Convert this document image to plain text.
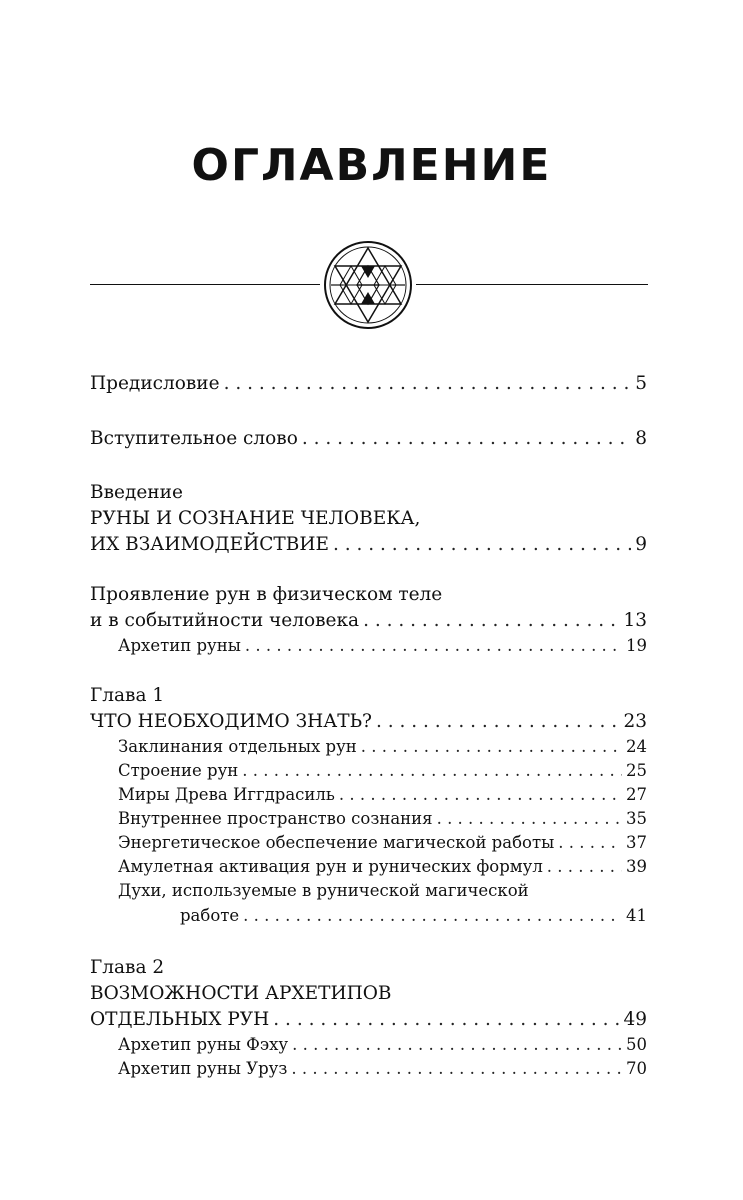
ОГЛАВЛЕНИЕ
Предисловие . . .	5
Вступительное слово . . .	8
Введение
РУНЫ И СОЗНАНИЕ ЧЕЛОВЕКА,
ИХ ВЗАИМОДЕЙСТВИЕ . . .	9
Проявление рун в физическом теле
и в событийности человека . . .	13
Архетип руны . . .	19
Глава 1
ЧТО НЕОБХОДИМО ЗНАТЬ? . . .	23
Заклинания отдельных рун . . .	24
Строение рун . . .	25
Миры Древа Иггдрасиль . . .	27
Внутреннее пространство сознания . . .	35
Энергетическое обеспечение магической работы . . .	37
Амулетная активация рун и рунических формул . . .	39
Духи, используемые в рунической магической
работе . . .	41
Глава 2
ВОЗМОЖНОСТИ АРХЕТИПОВ
ОТДЕЛЬНЫХ РУН . . .	49
Архетип руны Фэху . . .	50
Архетип руны Уруз . . .	70
